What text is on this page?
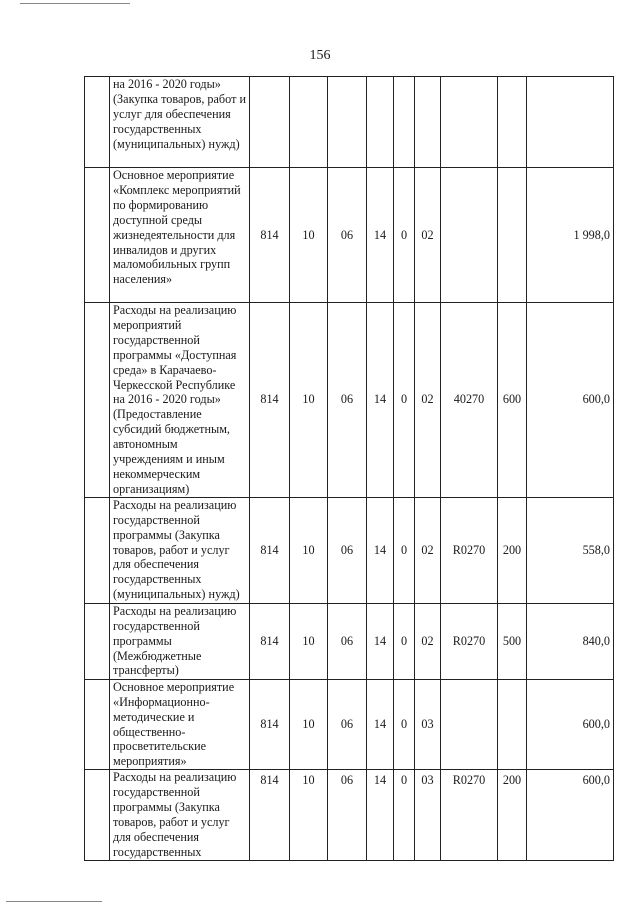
156
	на 2016 - 2020 годы» (Закупка товаров, работ и услуг для обеспечения государственных (муниципальных) нужд)									
	Основное мероприятие «Комплекс мероприятий по формированию доступной среды жизнедеятельности для инвалидов и других маломобильных групп населения»	814	10	06	14	0	02			1 998,0
	Расходы на реализацию мероприятий государственной программы «Доступная среда» в Карачаево-Черкесской Республике на 2016 - 2020 годы» (Предоставление субсидий бюджетным, автономным учреждениям и иным некоммерческим организациям)	814	10	06	14	0	02	40270	600	600,0
	Расходы на реализацию государственной программы (Закупка товаров, работ и услуг для обеспечения государственных (муниципальных) нужд)	814	10	06	14	0	02	R0270	200	558,0
	Расходы на реализацию государственной программы (Межбюджетные трансферты)	814	10	06	14	0	02	R0270	500	840,0
	Основное мероприятие «Информационно-методические и общественно-просветительские мероприятия»	814	10	06	14	0	03			600,0
	Расходы на реализацию государственной программы (Закупка товаров, работ и услуг для обеспечения государственных	814	10	06	14	0	03	R0270	200	600,0
